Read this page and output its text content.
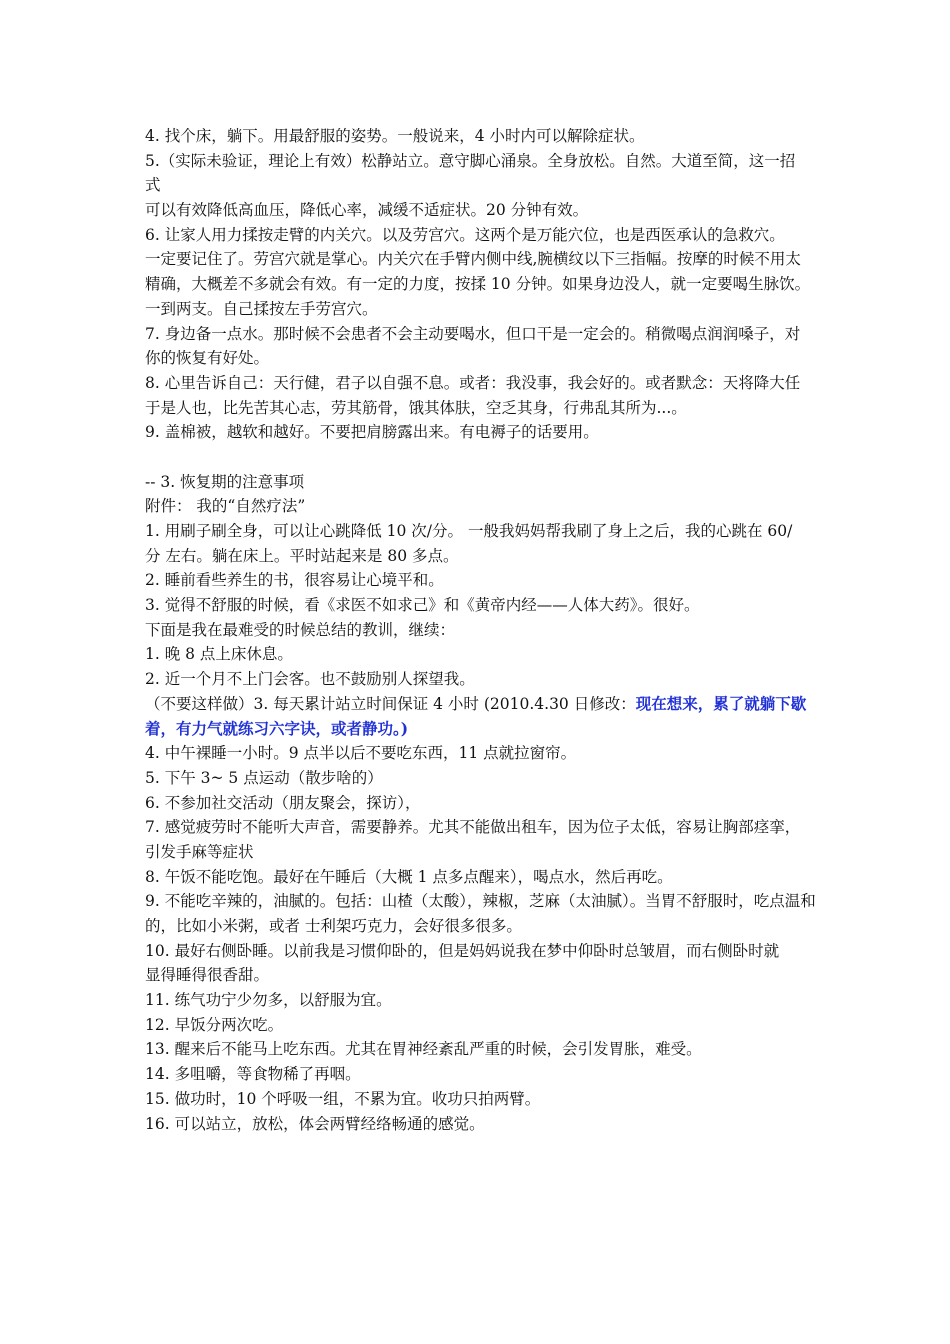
4. 找个床，躺下。用最舒服的姿势。一般说来，4 小时内可以解除症状。
5.（实际未验证，理论上有效）松静站立。意守脚心涌泉。全身放松。自然。大道至简，这一招
式
可以有效降低高血压，降低心率，减缓不适症状。20 分钟有效。
6. 让家人用力揉按走臂的内关穴。以及劳宫穴。这两个是万能穴位，也是西医承认的急救穴。
一定要记住了。劳宫穴就是掌心。内关穴在手臂内侧中线,腕横纹以下三指幅。按摩的时候不用太
精确，大概差不多就会有效。有一定的力度，按揉 10 分钟。如果身边没人，就一定要喝生脉饮。
一到两支。自己揉按左手劳宫穴。
7. 身边备一点水。那时候不会患者不会主动要喝水，但口干是一定会的。稍微喝点润润嗓子，对
你的恢复有好处。
8. 心里告诉自己：天行健，君子以自强不息。或者：我没事，我会好的。或者默念：天将降大任
于是人也，比先苦其心志，劳其筋骨，饿其体肤，空乏其身，行弗乱其所为...。
9. 盖棉被，越软和越好。不要把肩膀露出来。有电褥子的话要用。
-- 3. 恢复期的注意事项
附件： 我的“自然疗法”
1. 用刷子刷全身，可以让心跳降低 10 次/分。 一般我妈妈帮我刷了身上之后，我的心跳在 60/
分 左右。躺在床上。平时站起来是 80 多点。
2. 睡前看些养生的书，很容易让心境平和。
3. 觉得不舒服的时候，看《求医不如求己》和《黄帝内经——人体大药》。很好。
下面是我在最难受的时候总结的教训，继续：
1. 晚 8 点上床休息。
2. 近一个月不上门会客。也不鼓励别人探望我。
（不要这样做）3. 每天累计站立时间保证 4 小时 (2010.4.30 日修改：现在想来，累了就躺下歇
着，有力气就练习六字诀，或者静功。)
4. 中午裸睡一小时。9 点半以后不要吃东西，11 点就拉窗帘。
5. 下午 3~ 5 点运动（散步啥的）
6. 不参加社交活动（朋友聚会，探访），
7. 感觉疲劳时不能听大声音，需要静养。尤其不能做出租车，因为位子太低，容易让胸部痉挛，
引发手麻等症状
8. 午饭不能吃饱。最好在午睡后（大概 1 点多点醒来），喝点水，然后再吃。
9. 不能吃辛辣的，油腻的。包括：山楂（太酸），辣椒，芝麻（太油腻）。当胃不舒服时，吃点温和
的，比如小米粥，或者 士利架巧克力，会好很多很多。
10. 最好右侧卧睡。以前我是习惯仰卧的，但是妈妈说我在梦中仰卧时总皱眉，而右侧卧时就
显得睡得很香甜。
11. 练气功宁少勿多，以舒服为宜。
12. 早饭分两次吃。
13. 醒来后不能马上吃东西。尤其在胃神经紊乱严重的时候，会引发胃胀，难受。
14. 多咀嚼，等食物稀了再咽。
15. 做功时，10 个呼吸一组，不累为宜。收功只拍两臂。
16. 可以站立，放松，体会两臂经络畅通的感觉。
